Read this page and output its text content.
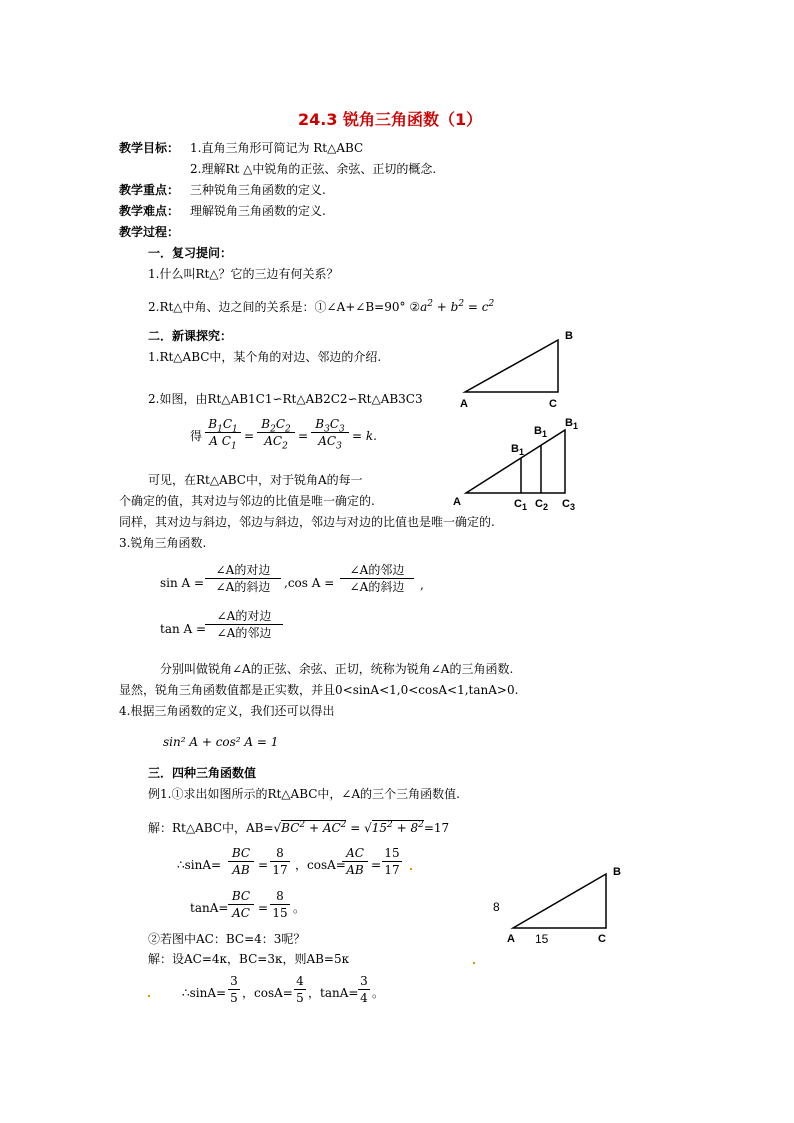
24.3 锐角三角函数（1）
教学目标： 1.直角三角形可简记为 Rt△ABC
2.理解Rt △中锐角的正弦、余弦、正切的概念.
教学重点： 三种锐角三角函数的定义.
教学难点： 理解锐角三角函数的定义.
教学过程：
一．复习提问：
1.什么叫Rt△？它的三边有何关系？
2.Rt△中角、边之间的关系是：①∠A+∠B=90° $②a^2 + b^2 = c^2$
二．新课探究：
1.Rt△ABC中，某个角的对边、邻边的介绍.
B
A	C
2.如图，由Rt△AB1C1∽Rt△AB2C2∽Rt△AB3C3
得
$B_1C_1$
A $C_1$
=
$B_2C_2$
$AC_2$
=
$B_3C_3$
$AC_3$
= k.
$B_1$
$B_1$
$B_1$
A	$C_1$ $C_2$ $C_3$
可见，在Rt△ABC中，对于锐角A的每一
个确定的值，其对边与邻边的比值是唯一确定的.
同样，其对边与斜边，邻边与斜边，邻边与对边的比值也是唯一确定的.
3.锐角三角函数.
sin A =
∠A的对边
∠A的斜边	,cos A =
∠A的邻边
∠A的斜边	,
tan A =
∠A的对边
∠A的邻边
分别叫做锐角∠A的正弦、余弦、正切，统称为锐角∠A的三角函数.
显然，锐角三角函数值都是正实数，并且0<sinA<1,0<cosA<1,tanA>0.
4.根据三角函数的定义，我们还可以得出
sin² A + cos² A = 1
三．四种三角函数值
例1.①求出如图所示的Rt△ABC中，∠A的三个三角函数值.
解：Rt△ABC中，$AB=√BC^2 + AC^2 = √15^2 + 8^2=17$
∴sinA=
BC
AB =
8
17 ，cosA=
AC
AB =
15
17
tanA=
BC
AC =
8
15 。
B
A	C
8
15
②若图中AC：BC=4：3呢？
解：设AC=4κ，BC=3κ，则AB=5κ
∴sinA=
3
5 ，cosA=
4
5 ，tanA=
3
4 。
